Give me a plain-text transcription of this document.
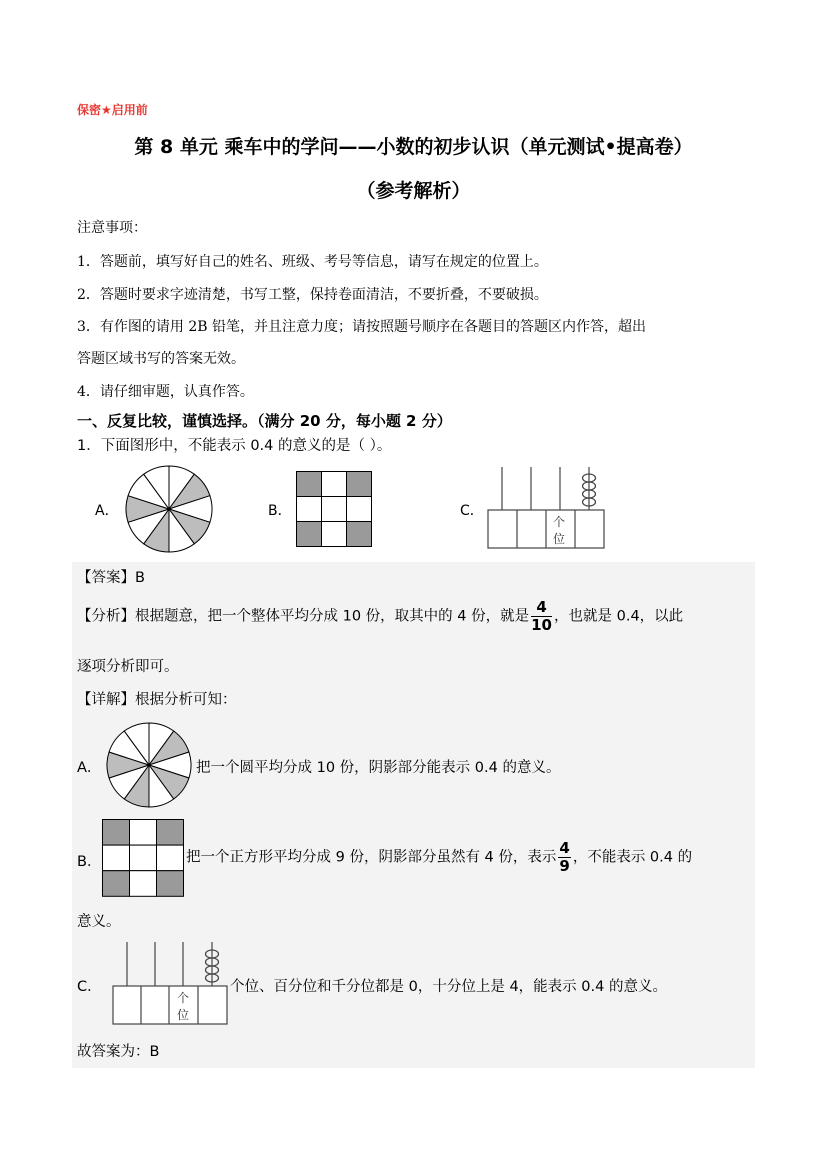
保密★启用前
第 8 单元 乘车中的学问——小数的初步认识（单元测试•提高卷）
（参考解析）
注意事项：
1．答题前，填写好自己的姓名、班级、考号等信息，请写在规定的位置上。
2．答题时要求字迹清楚，书写工整，保持卷面清洁，不要折叠，不要破损。
3．有作图的请用 2B 铅笔，并且注意力度；请按照题号顺序在各题目的答题区内作答，超出
答题区域书写的答案无效。
4．请仔细审题，认真作答。
一、反复比较，谨慎选择。（满分 20 分，每小题 2 分）
1．下面图形中，不能表示 0.4 的意义的是（ ）。
A．	B．	C．
个
位
【答案】B
【分析】根据题意，把一个整体平均分成 10 份，取其中的 4 份，就是 $\frac{4}{10}$ ，也就是 0.4，以此
逐项分析即可。
【详解】根据分析可知：
A．	把一个圆平均分成 10 份，阴影部分能表示 0.4 的意义。
B．	把一个正方形平均分成 9 份，阴影部分虽然有 4 份，表示 $\frac{4}{9}$ ，不能表示 0.4 的
意义。
C．
个
位
个位、百分位和千分位都是 0，十分位上是 4，能表示 0.4 的意义。
故答案为：B
